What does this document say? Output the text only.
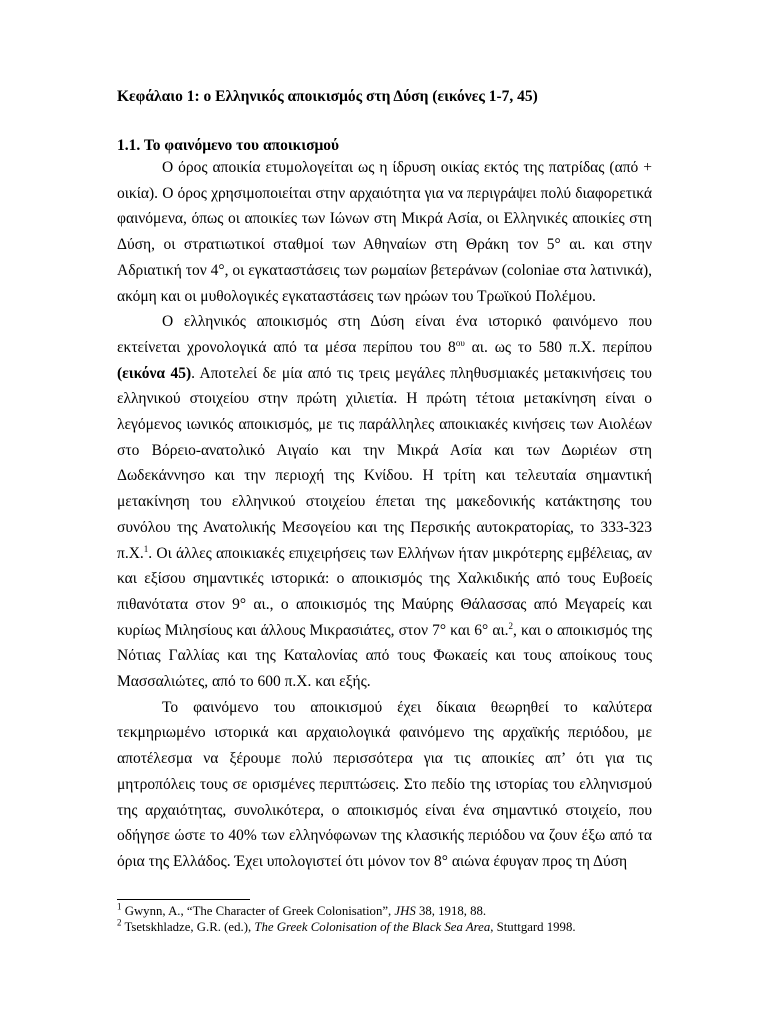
Κεφάλαιο 1: ο Ελληνικός αποικισμός στη Δύση (εικόνες 1-7, 45)
1.1. Το φαινόμενο του αποικισμού

Ο όρος αποικία ετυμολογείται ως η ίδρυση οικίας εκτός της πατρίδας (από + οικία). Ο όρος χρησιμοποιείται στην αρχαιότητα για να περιγράψει πολύ διαφορετικά φαινόμενα, όπως οι αποικίες των Ιώνων στη Μικρά Ασία, οι Ελληνικές αποικίες στη Δύση, οι στρατιωτικοί σταθμοί των Αθηναίων στη Θράκη τον 5° αι. και στην Αδριατική τον 4°, οι εγκαταστάσεις των ρωμαίων βετεράνων (coloniae στα λατινικά), ακόμη και οι μυθολογικές εγκαταστάσεις των ηρώων του Τρωϊκού Πολέμου.

Ο ελληνικός αποικισμός στη Δύση είναι ένα ιστορικό φαινόμενο που εκτείνεται χρονολογικά από τα μέσα περίπου του $8^{o\upsilon}$ αι. ως το 580 π.Χ. περίπου (εικόνα 45). Αποτελεί δε μία από τις τρεις μεγάλες πληθυσμιακές μετακινήσεις του ελληνικού στοιχείου στην πρώτη χιλιετία. Η πρώτη τέτοια μετακίνηση είναι ο λεγόμενος ιωνικός αποικισμός, με τις παράλληλες αποικιακές κινήσεις των Αιολέων στο Βόρειο-ανατολικό Αιγαίο και την Μικρά Ασία και των Δωριέων στη Δωδεκάννησο και την περιοχή της Κνίδου. Η τρίτη και τελευταία σημαντική μετακίνηση του ελληνικού στοιχείου έπεται της μακεδονικής κατάκτησης του συνόλου της Ανατολικής Μεσογείου και της Περσικής αυτοκρατορίας, το 333-323 π.Χ.$^1$. Οι άλλες αποικιακές επιχειρήσεις των Ελλήνων ήταν μικρότερης εμβέλειας, αν και εξίσου σημαντικές ιστορικά: ο αποικισμός της Χαλκιδικής από τους Ευβοείς πιθανότατα στον 9° αι., ο αποικισμός της Μαύρης Θάλασσας από Μεγαρείς και κυρίως Μιλησίους και άλλους Μικρασιάτες, στον 7° και 6° αι.$^2$, και ο αποικισμός της Νότιας Γαλλίας και της Καταλονίας από τους Φωκαείς και τους αποίκους τους Μασσαλιώτες, από το 600 π.Χ. και εξής.

Το φαινόμενο του αποικισμού έχει δίκαια θεωρηθεί το καλύτερα τεκμηριωμένο ιστορικά και αρχαιολογικά φαινόμενο της αρχαϊκής περιόδου, με αποτέλεσμα να ξέρουμε πολύ περισσότερα για τις αποικίες απ’ ότι για τις μητροπόλεις τους σε ορισμένες περιπτώσεις. Στο πεδίο της ιστορίας του ελληνισμού της αρχαιότητας, συνολικότερα, ο αποικισμός είναι ένα σημαντικό στοιχείο, που οδήγησε ώστε το 40% των ελληνόφωνων της κλασικής περιόδου να ζουν έξω από τα όρια της Ελλάδος. Έχει υπολογιστεί ότι μόνον τον 8° αιώνα έφυγαν προς τη Δύση

$^1$ Gwynn, A., “The Character of Greek Colonisation”, JHS 38, 1918, 88.
$^2$ Tsetskhladze, G.R. (ed.), The Greek Colonisation of the Black Sea Area, Stuttgard 1998.
